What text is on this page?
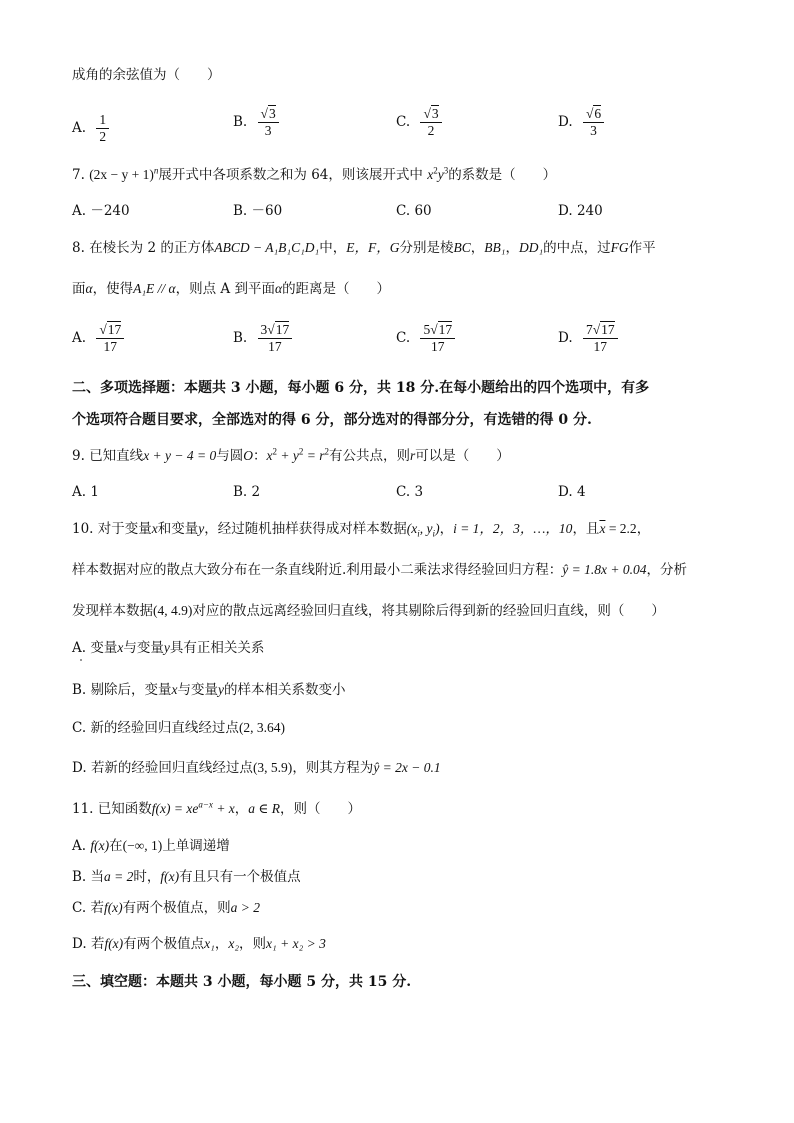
成角的余弦值为（　　）
A. $\frac{1}{2}$	B. $\frac{√3}{3}$	C. $\frac{√3}{2}$	D. $\frac{√6}{3}$
7. $(2x - y + 1)^n$展开式中各项系数之和为 64，则该展开式中 $x^2y^3$的系数是（　　）
A. －240	B. －60	C. 60	D. 240
8. 在棱长为 2 的正方体ABCD − A₁B₁C₁D₁中，E，F，G分别是棱BC，BB₁，DD₁的中点，过FG作平
面α，使得A₁E // α，则点 A 到平面α的距离是（　　）
A. $\frac{√17}{17}$	B. $\frac{3√17}{17}$	C. $\frac{5√17}{17}$	D. $\frac{7√17}{17}$
二、多项选择题：本题共 3 小题，每小题 6 分，共 18 分.在每小题给出的四个选项中，有多
个选项符合题目要求，全部选对的得 6 分，部分选对的得部分分，有选错的得 0 分.
9. 已知直线x + y − 4 = 0与圆O：$x^2 + y^2 = r^2$有公共点，则r可以是（　　）
A. 1	B. 2	C. 3	D. 4
10. 对于变量x和变量y，经过随机抽样获得成对样本数据($x_i$, $y_i$)，i = 1，2，3，…，10，且$\overline{x} = 2.2$，
样本数据对应的散点大致分布在一条直线附近.利用最小二乘法求得经验回归方程：ŷ = 1.8x + 0.04，分析
发现样本数据(4, 4.9)对应的散点远离经验回归直线，将其剔除后得到新的经验回归直线，则（　　）
A. 变量x与变量y具有正相关关系
B. 剔除后，变量x与变量y的样本相关系数变小
C. 新的经验回归直线经过点(2, 3.64)
D. 若新的经验回归直线经过点(3, 5.9)，则其方程为ŷ = 2x − 0.1
11. 已知函数$f(x) = xe^{a-x} + x$，a ∈ R，则（　　）
A. f(x)在(−∞, 1)上单调递增
B. 当a = 2时，f(x)有且只有一个极值点
C. 若f(x)有两个极值点，则a > 2
D. 若f(x)有两个极值点x₁，x₂，则x₁ + x₂ > 3
三、填空题：本题共 3 小题，每小题 5 分，共 15 分.
